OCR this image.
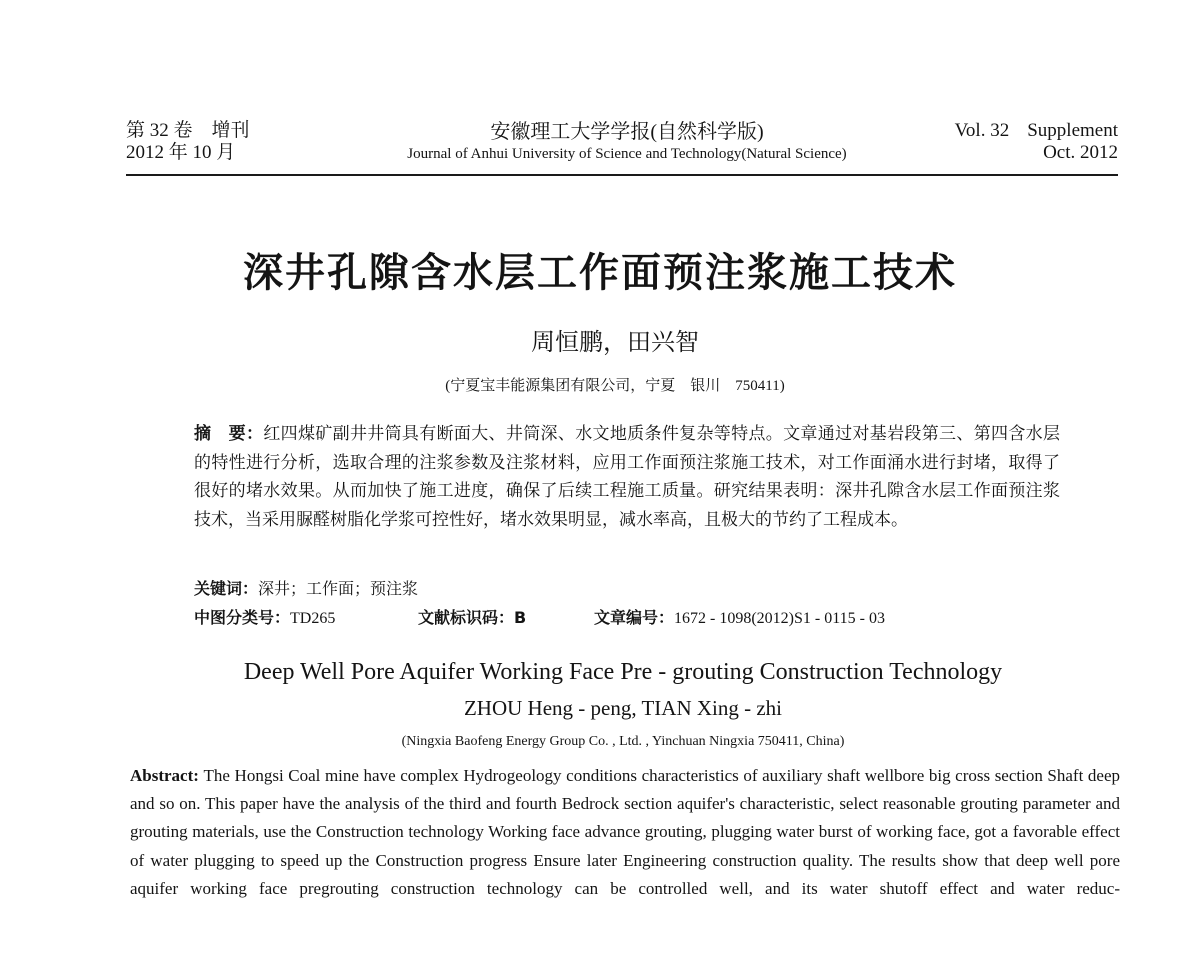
第 32 卷　增刊
2012 年 10 月
安徽理工大学学报(自然科学版)
Journal of Anhui University of Science and Technology(Natural Science)
Vol. 32 Supplement
Oct. 2012
深井孔隙含水层工作面预注浆施工技术
周恒鹏，田兴智
(宁夏宝丰能源集团有限公司，宁夏　银川　750411)
摘　要：红四煤矿副井井筒具有断面大、井筒深、水文地质条件复杂等特点。文章通过对基岩段第三、第四含水层的特性进行分析，选取合理的注浆参数及注浆材料，应用工作面预注浆施工技术，对工作面涌水进行封堵，取得了很好的堵水效果。从而加快了施工进度，确保了后续工程施工质量。研究结果表明：深井孔隙含水层工作面预注浆技术，当采用脲醛树脂化学浆可控性好，堵水效果明显，减水率高，且极大的节约了工程成本。
关键词：深井；工作面；预注浆
中图分类号：TD265	文献标识码：B	文章编号：1672 - 1098(2012)S1 - 0115 - 03
Deep Well Pore Aquifer Working Face Pre - grouting Construction Technology
ZHOU Heng - peng, TIAN Xing - zhi
(Ningxia Baofeng Energy Group Co. , Ltd. , Yinchuan Ningxia 750411, China)
Abstract: The Hongsi Coal mine have complex Hydrogeology conditions characteristics of auxiliary shaft wellbore big cross section Shaft deep and so on. This paper have the analysis of the third and fourth Bedrock section aquifer's characteristic, select reasonable grouting parameter and grouting materials, use the Construction technology Working face advance grouting, plugging water burst of working face, got a favorable effect of water plugging to speed up the Construction progress Ensure later Engineering construction quality. The results show that deep well pore aquifer working face pregrouting construction technology can be controlled well, and its water shutoff effect and water reduc-
